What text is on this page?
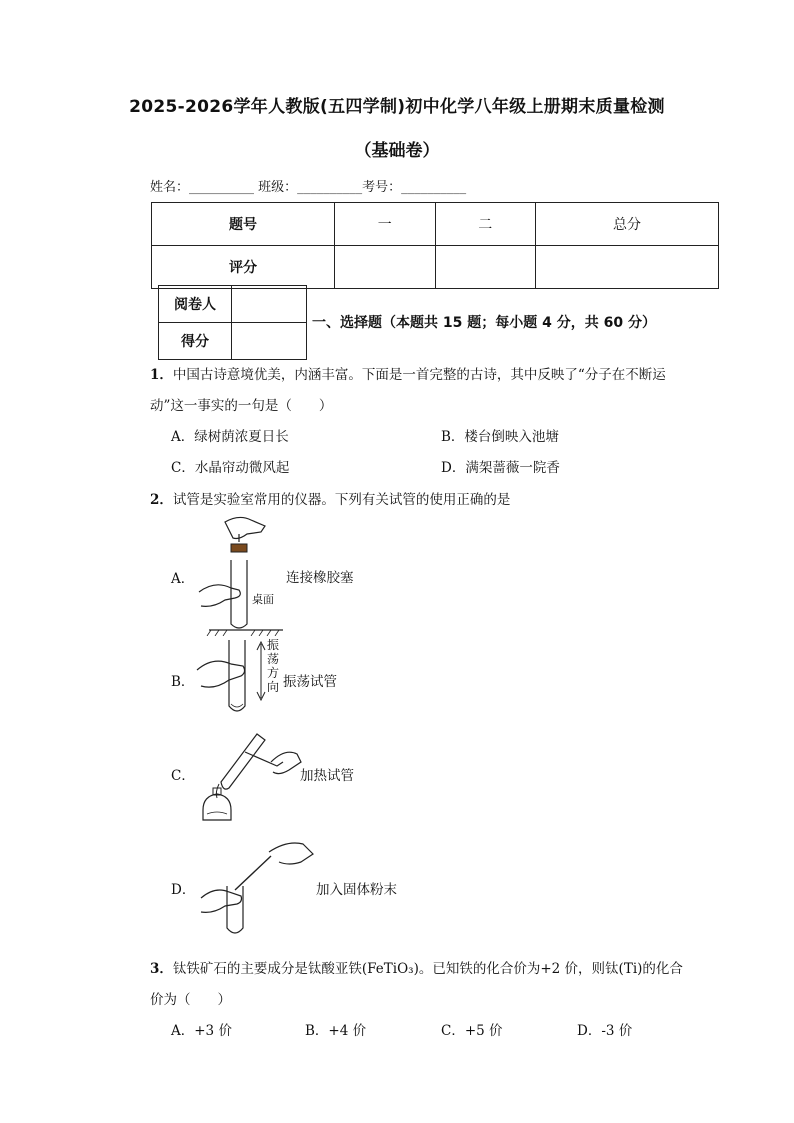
2025-2026学年人教版(五四学制)初中化学八年级上册期末质量检测
（基础卷）
姓名：__________ 班级：__________考号：__________
题号	一	二	总分
评分			
阅卷人	
得分	
一、选择题（本题共 15 题；每小题 4 分，共 60 分）
1．中国古诗意境优美，内涵丰富。下面是一首完整的古诗，其中反映了“分子在不断运
动”这一事实的一句是（　　）
A．绿树荫浓夏日长	B．楼台倒映入池塘
C．水晶帘动微风起	D．满架蔷薇一院香
2．试管是实验室常用的仪器。下列有关试管的使用正确的是
A．
桌面
连接橡胶塞
B．
振荡方向 振荡试管
C．	加热试管
D．	加入固体粉末
3．钛铁矿石的主要成分是钛酸亚铁(FeTiO₃)。已知铁的化合价为+2 价，则钛(Ti)的化合
价为（　　）
A．+3 价	B．+4 价	C．+5 价	D．-3 价
